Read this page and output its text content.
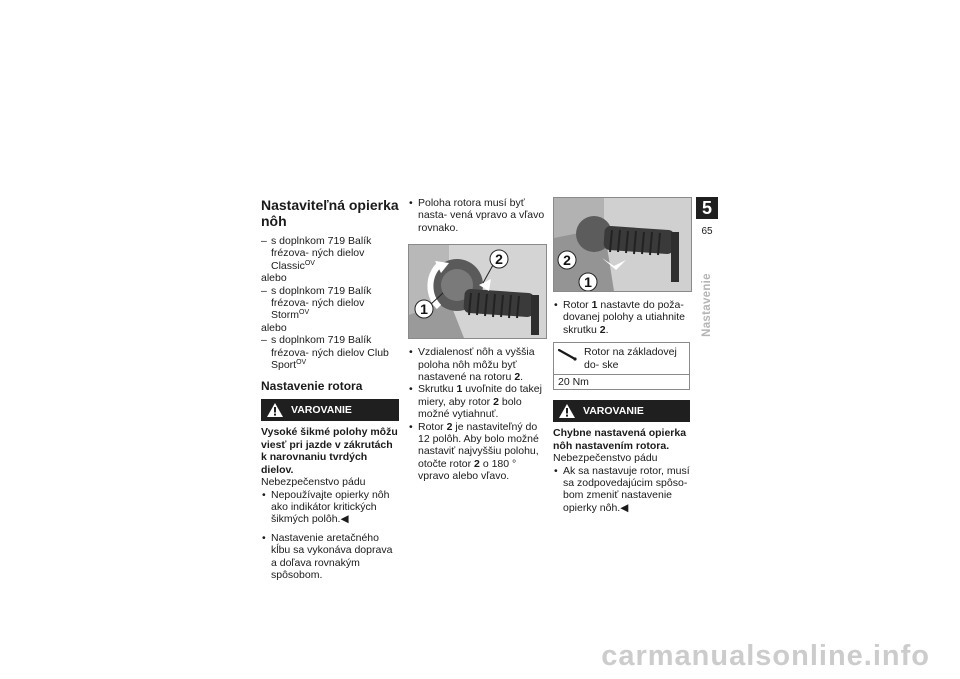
Nastaviteľná opierka nôh
– s doplnkom 719 Balík frézova- ných dielov Classic$^{OV}$
alebo
– s doplnkom 719 Balík frézova- ných dielov Storm$^{OV}$
alebo
– s doplnkom 719 Balík frézova- ných dielov Club Sport$^{OV}$
Nastavenie rotora
VAROVANIE
Vysoké šikmé polohy môžu viesť pri jazde v zákrutách k narovnaniu tvrdých dielov.
Nebezpečenstvo pádu
• Nepoužívajte opierky nôh ako indikátor kritických šikmých polôh.◀
• Nastavenie aretačného kĺbu sa vykonáva doprava a doľava rovnakým spôsobom.
• Poloha rotora musí byť nasta- vená vpravo a vľavo rovnako.
2
1
• Vzdialenosť nôh a vyššia poloha nôh môžu byť nastavené na rotoru 2.
• Skrutku 1 uvoľnite do takej miery, aby rotor 2 bolo možné vytiahnuť.
• Rotor 2 je nastaviteľný do 12 polôh. Aby bolo možné nastaviť najvyššiu polohu, otočte rotor 2 o 180 ° vpravo alebo vľavo.
2
1
• Rotor 1 nastavte do poža- dovanej polohy a utiahnite skrutku 2.
Rotor na základovej do- ske
20 Nm
VAROVANIE
Chybne nastavená opierka nôh nastavením rotora.
Nebezpečenstvo pádu
• Ak sa nastavuje rotor, musí sa zodpovedajúcim spôso- bom zmeniť nastavenie opierky nôh.◀
5
65
Nastavenie
carmanualsonline.info
